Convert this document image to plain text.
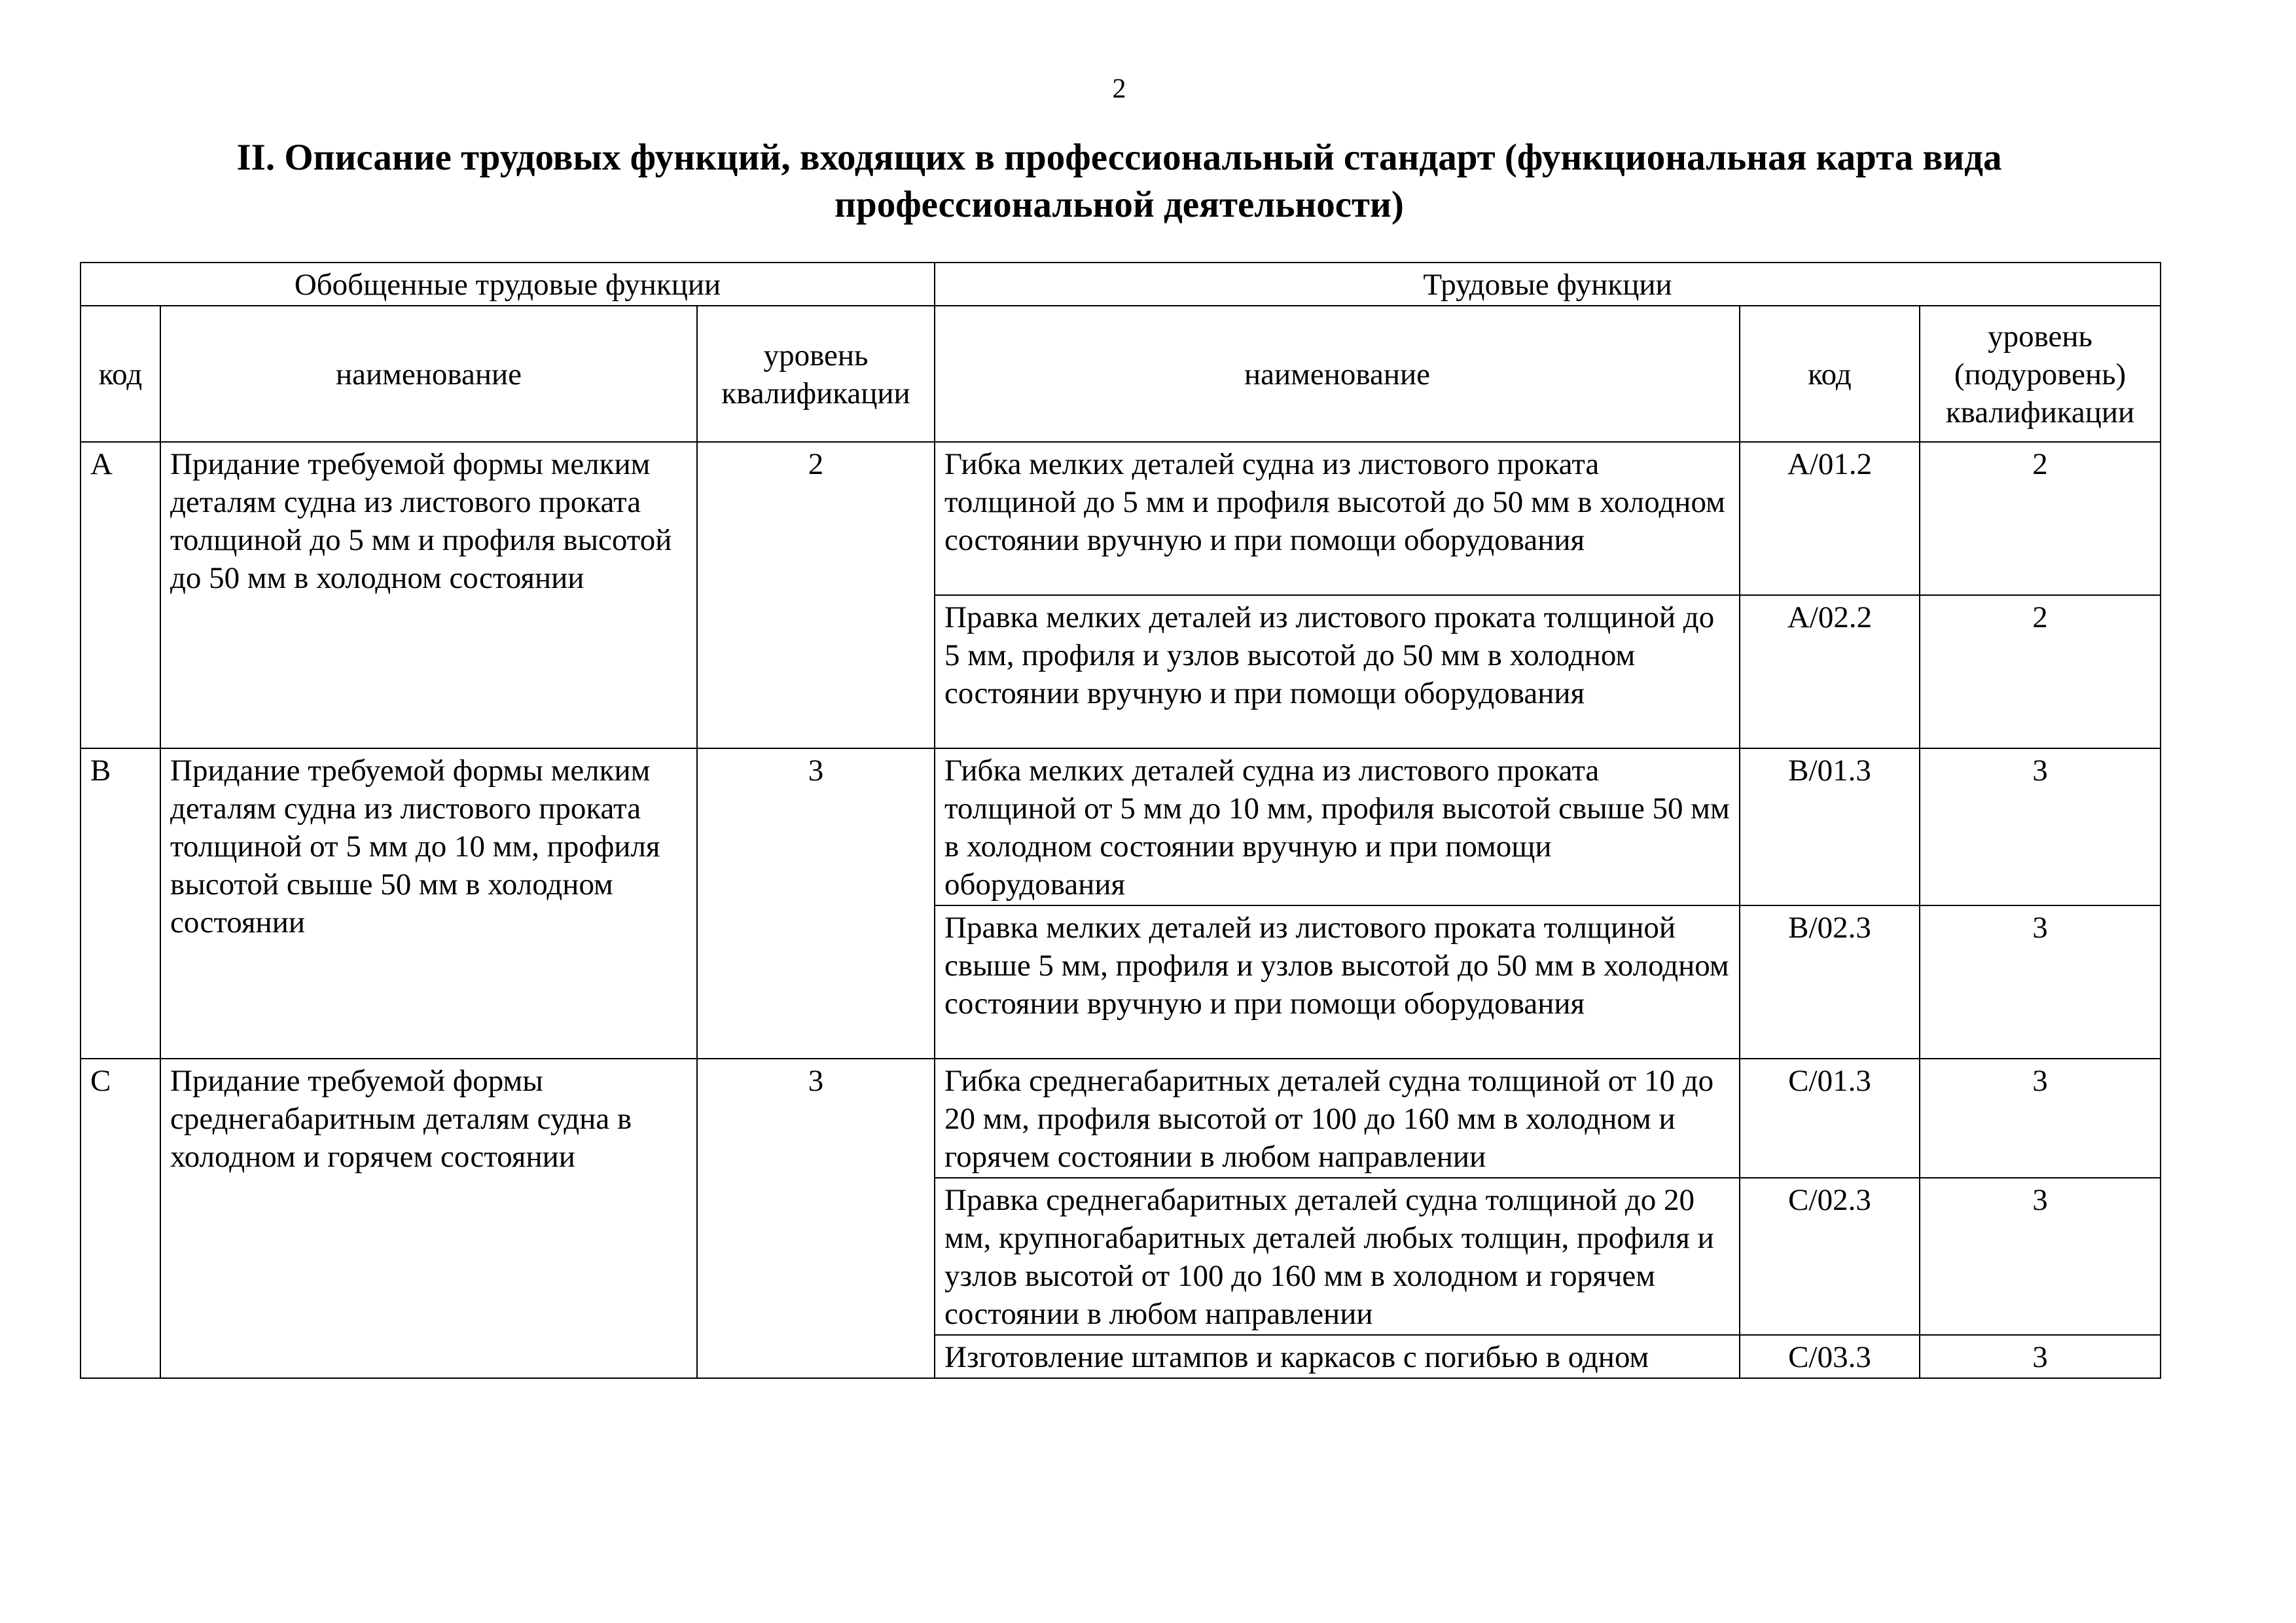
2
II. Описание трудовых функций, входящих в профессиональный стандарт (функциональная карта вида профессиональной деятельности)
Обобщенные трудовые функции			Трудовые функции		
код	наименование	уровень квалификации	наименование	код	уровень (подуровень) квалификации
A	Придание требуемой формы мелким деталям судна из листового проката толщиной до 5 мм и профиля высотой до 50 мм в холодном состоянии	2	Гибка мелких деталей судна из листового проката толщиной до 5 мм и профиля высотой до 50 мм в холодном состоянии вручную и при помощи оборудования	A/01.2	2
			Правка мелких деталей из листового проката толщиной до 5 мм, профиля и узлов высотой до 50 мм в холодном состоянии вручную и при помощи оборудования	A/02.2	2
B	Придание требуемой формы мелким деталям судна из листового проката толщиной от 5 мм до 10 мм, профиля высотой свыше 50 мм в холодном состоянии	3	Гибка мелких деталей судна из листового проката толщиной от 5 мм до 10 мм, профиля высотой свыше 50 мм в холодном состоянии вручную и при помощи оборудования	B/01.3	3
			Правка мелких деталей из листового проката толщиной свыше 5 мм, профиля и узлов высотой до 50 мм в холодном состоянии вручную и при помощи оборудования	B/02.3	3
C	Придание требуемой формы среднегабаритным деталям судна в холодном и горячем состоянии	3	Гибка среднегабаритных деталей судна толщиной от 10 до 20 мм, профиля высотой от 100 до 160 мм в холодном и горячем состоянии в любом направлении	C/01.3	3
			Правка среднегабаритных деталей судна толщиной до 20 мм, крупногабаритных деталей любых толщин, профиля и узлов высотой от 100 до 160 мм в холодном и горячем состоянии в любом направлении	C/02.3	3
			Изготовление штампов и каркасов с погибью в одном	C/03.3	3
